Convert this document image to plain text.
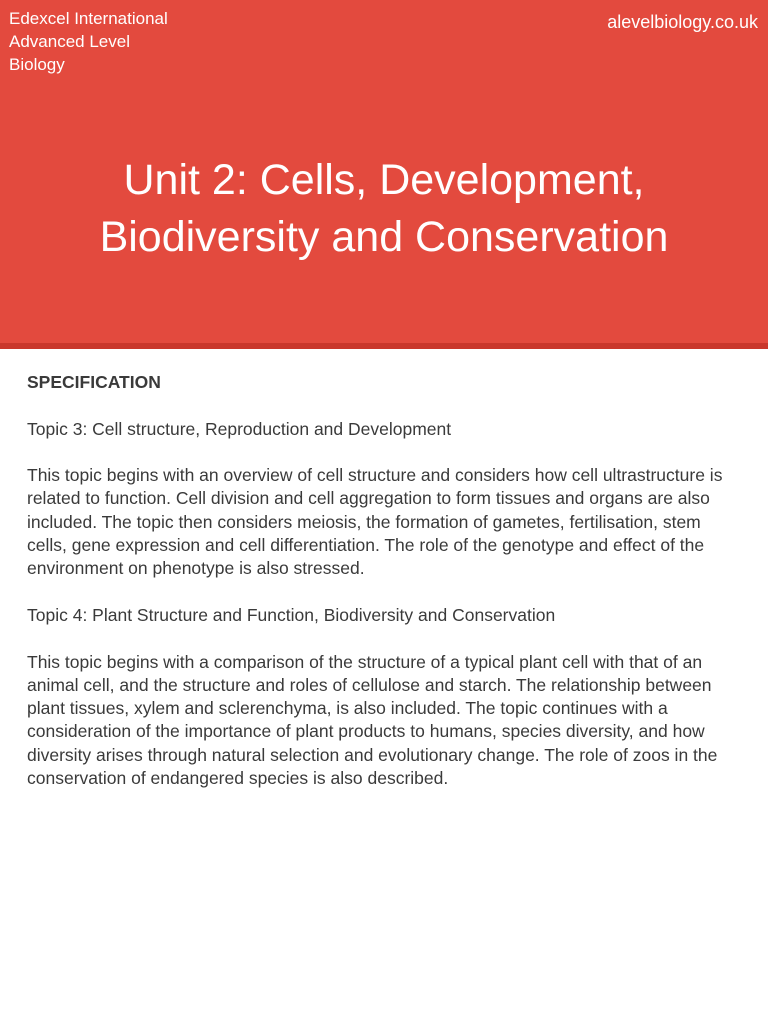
Edexcel International
Advanced Level
Biology
alevelbiology.co.uk
Unit 2: Cells, Development,
Biodiversity and Conservation

SPECIFICATION

Topic 3: Cell structure, Reproduction and Development

This topic begins with an overview of cell structure and considers how cell ultrastructure is related to function. Cell division and cell aggregation to form tissues and organs are also included. The topic then considers meiosis, the formation of gametes, fertilisation, stem cells, gene expression and cell differentiation. The role of the genotype and effect of the environment on phenotype is also stressed.

Topic 4: Plant Structure and Function, Biodiversity and Conservation

This topic begins with a comparison of the structure of a typical plant cell with that of an animal cell, and the structure and roles of cellulose and starch. The relationship between plant tissues, xylem and sclerenchyma, is also included. The topic continues with a consideration of the importance of plant products to humans, species diversity, and how diversity arises through natural selection and evolutionary change. The role of zoos in the conservation of endangered species is also described.
